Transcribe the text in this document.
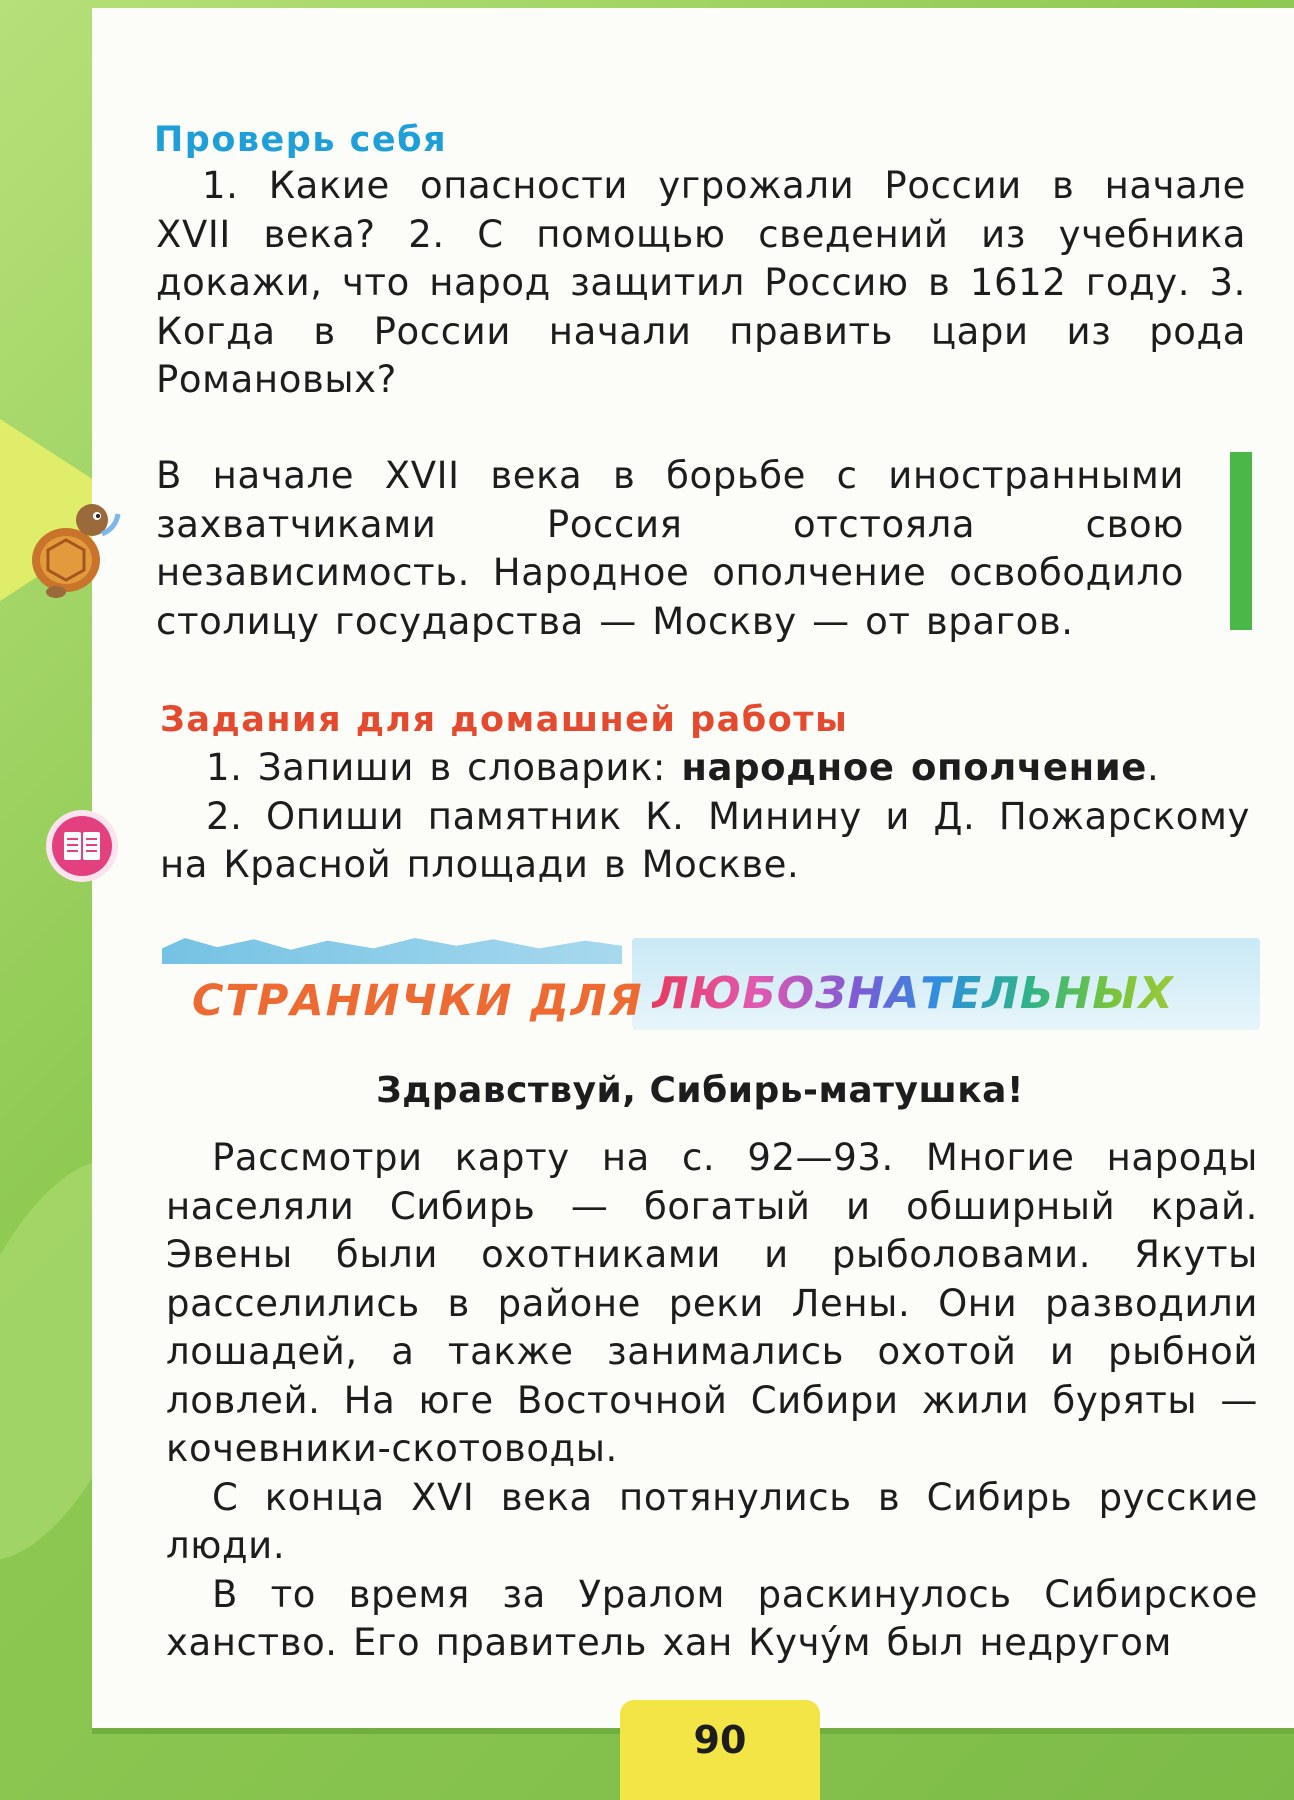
Проверь себя

1. Какие опасности угрожали России в начале XVII века? 2. С помощью сведений из учебника докажи, что народ защитил Россию в 1612 году. 3. Когда в России начали править цари из рода Романовых?

В начале XVII века в борьбе с иностранными захватчиками Россия отстояла свою независимость. Народное ополчение освободило столицу государства — Москву — от врагов.

Задания для домашней работы

1. Запиши в словарик: народное ополчение.

2. Опиши памятник К. Минину и Д. Пожарскому на Красной площади в Москве.

СТРАНИЧКИ ДЛЯ ЛЮБОЗНАТЕЛЬНЫХ
Здравствуй, Сибирь-матушка!

Рассмотри карту на с. 92—93. Многие народы населяли Сибирь — богатый и обширный край. Эвены были охотниками и рыболовами. Якуты расселились в районе реки Лены. Они разводили лошадей, а также занимались охотой и рыбной ловлей. На юге Восточной Сибири жили буряты — кочевники-скотоводы.

С конца XVI века потянулись в Сибирь русские люди.

В то время за Уралом раскинулось Сибирское ханство. Его правитель хан Кучу́м был недругом

90
